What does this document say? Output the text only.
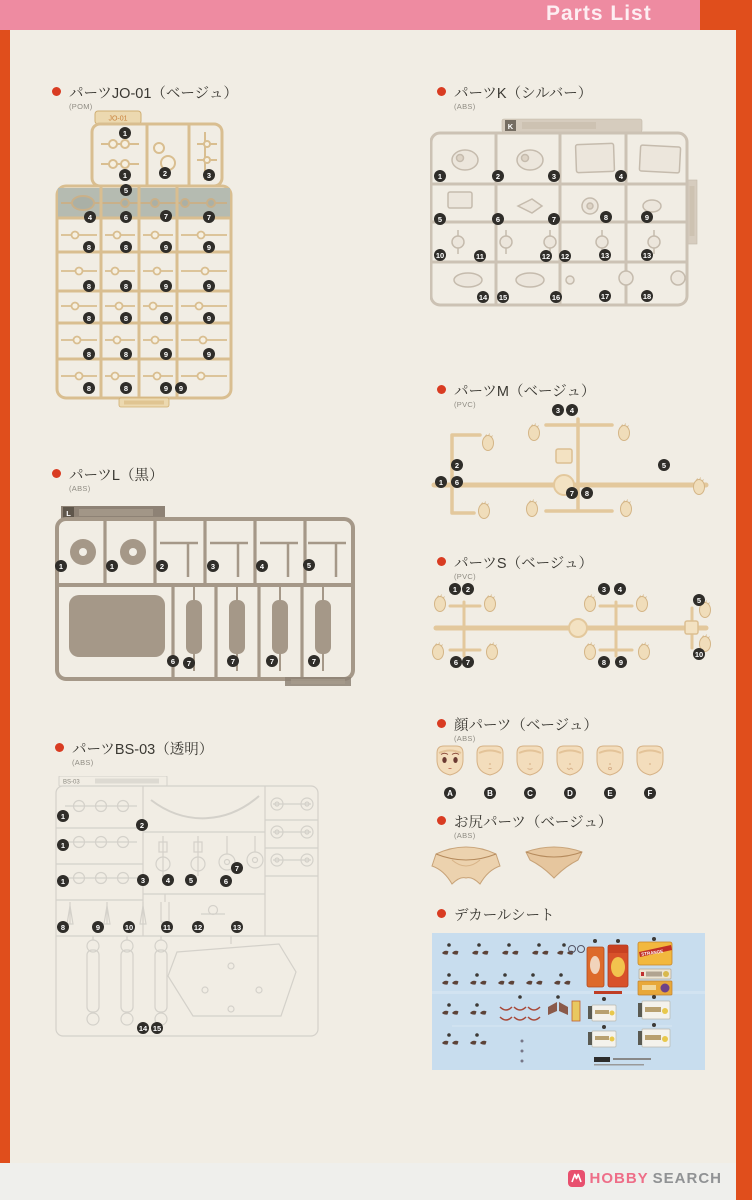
Parts List
パーツJO-01（ベージュ）
(POM)
パーツK（シルバー）
(ABS)
パーツL（黒）
(ABS)
パーツM（ベージュ）
(PVC)
パーツS（ベージュ）
(PVC)
顔パーツ（ベージュ）
(ABS)
お尻パーツ（ベージュ）
(ABS)
パーツBS-03（透明）
(ABS)
デカールシート
JO-01
1
1	2	3
5
4	6	7	7
8	8	9	9
8	8	9	9
8	8	9	9
8	8	9	9
8	8	9	9
K
1	2	3	4
5	6	7	8	9
10	11	12 12	13	13
14 15	16	17	18
L
1	1	2	3	4	5
6	7	7	7	7
1
2
3	4
5
6
7	8
1	2	3	4
5
6	7	8	9
10
A	B	C	D	E	F
BS-03
1
1
1
2
3	4	5	6
7
8	9	10	11	12	13
14 15
STRANGE
HOBBY SEARCH
